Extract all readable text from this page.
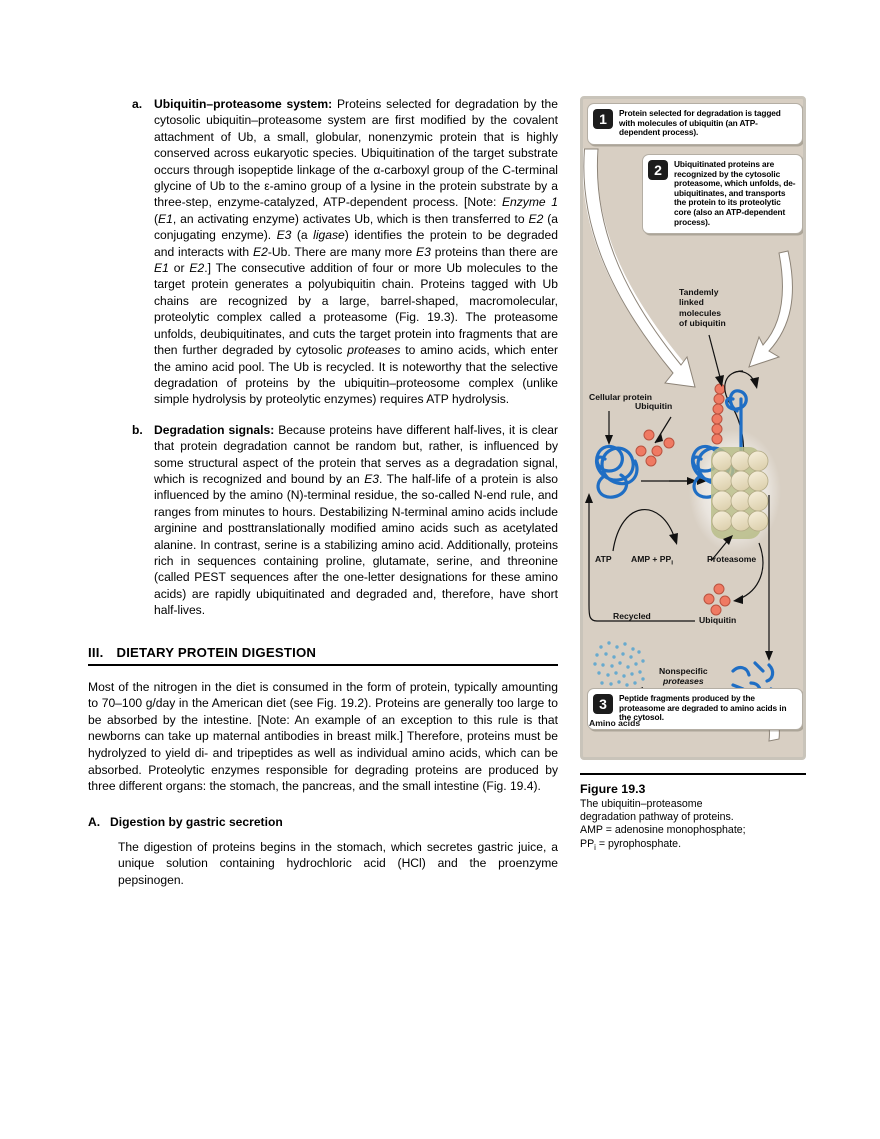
a. Ubiquitin–proteasome system: Proteins selected for degradation by the cytosolic ubiquitin–proteasome system are first modified by the covalent attachment of Ub, a small, globular, nonenzymic protein that is highly conserved across eukaryotic species. Ubiquitination of the target substrate occurs through isopeptide linkage of the α-carboxyl group of the C-terminal glycine of Ub to the ε-amino group of a lysine in the protein substrate by a three-step, enzyme-catalyzed, ATP-dependent process. [Note: Enzyme 1 (E1, an activating enzyme) activates Ub, which is then transferred to E2 (a conjugating enzyme). E3 (a ligase) identifies the protein to be degraded and interacts with E2-Ub. There are many more E3 proteins than there are E1 or E2.] The consecutive addition of four or more Ub molecules to the target protein generates a polyubiquitin chain. Proteins tagged with Ub chains are recognized by a large, barrel-shaped, macromolecular, proteolytic complex called a proteasome (Fig. 19.3). The proteasome unfolds, deubiquitinates, and cuts the target protein into fragments that are then further degraded by cytosolic proteases to amino acids, which enter the amino acid pool. The Ub is recycled. It is noteworthy that the selective degradation of proteins by the ubiquitin–proteosome complex (unlike simple hydrolysis by proteolytic enzymes) requires ATP hydrolysis.
b. Degradation signals: Because proteins have different half-lives, it is clear that protein degradation cannot be random but, rather, is influenced by some structural aspect of the protein that serves as a degradation signal, which is recognized and bound by an E3. The half-life of a protein is also influenced by the amino (N)-terminal residue, the so-called N-end rule, and ranges from minutes to hours. Destabilizing N-terminal amino acids include arginine and posttranslationally modified amino acids such as acetylated alanine. In contrast, serine is a stabilizing amino acid. Additionally, proteins rich in sequences containing proline, glutamate, serine, and threonine (called PEST sequences after the one-letter designations for these amino acids) are rapidly ubiquitinated and degraded and, therefore, have short half-lives.
III. DIETARY PROTEIN DIGESTION

Most of the nitrogen in the diet is consumed in the form of protein, typically amounting to 70–100 g/day in the American diet (see Fig. 19.2). Proteins are generally too large to be absorbed by the intestine. [Note: An example of an exception to this rule is that newborns can take up maternal antibodies in breast milk.] Therefore, proteins must be hydrolyzed to yield di- and tripeptides as well as individual amino acids, which can be absorbed. Proteolytic enzymes responsible for degrading proteins are produced by three different organs: the stomach, the pancreas, and the small intestine (Fig. 19.4).

A. Digestion by gastric secretion

The digestion of proteins begins in the stomach, which secretes gastric juice, a unique solution containing hydrochloric acid (HCl) and the proenzyme pepsinogen.

1	Protein selected for degradation is tagged with molecules of ubiquitin (an ATP-dependent process).
2	Ubiquitinated proteins are recognized by the cytosolic proteasome, which unfolds, de-ubiquitinates, and transports the protein to its proteolytic core (also an ATP-dependent process).
3	Peptide fragments produced by the proteasome are degraded to amino acids in the cytosol.
Cellular protein
Ubiquitin
Tandemly
linked
molecules
of ubiquitin
ATP AMP + $PP_i$	Proteasome
Recycled	Ubiquitin
Nonspecific
proteases
Amino acids
Figure 19.3
The ubiquitin–proteasome
degradation pathway of proteins.
AMP = adenosine monophosphate;
$PP_i$ = pyrophosphate.
